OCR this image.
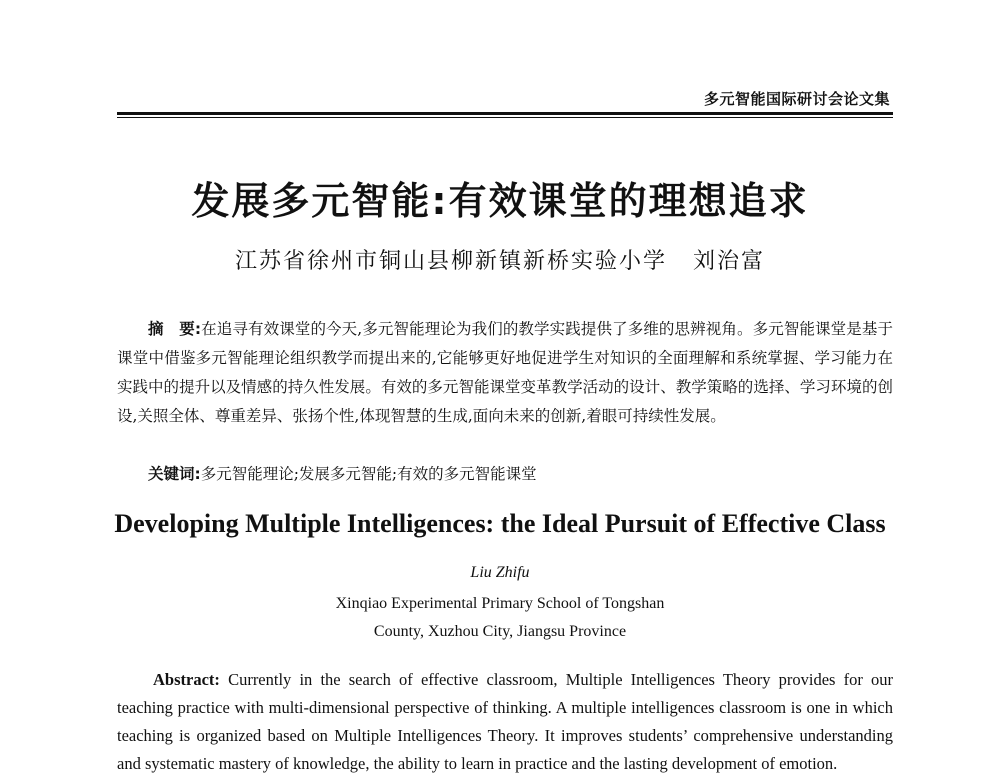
多元智能国际研讨会论文集
发展多元智能:有效课堂的理想追求
江苏省徐州市铜山县柳新镇新桥实验小学 刘治富
摘　要:在追寻有效课堂的今天,多元智能理论为我们的教学实践提供了多维的思辨视角。多元智能课堂是基于课堂中借鉴多元智能理论组织教学而提出来的,它能够更好地促进学生对知识的全面理解和系统掌握、学习能力在实践中的提升以及情感的持久性发展。有效的多元智能课堂变革教学活动的设计、教学策略的选择、学习环境的创设,关照全体、尊重差异、张扬个性,体现智慧的生成,面向未来的创新,着眼可持续性发展。
关键词:多元智能理论;发展多元智能;有效的多元智能课堂
Developing Multiple Intelligences: the Ideal Pursuit of Effective Class
Liu Zhifu
Xinqiao Experimental Primary School of Tongshan
County, Xuzhou City, Jiangsu Province
Abstract: Currently in the search of effective classroom, Multiple Intelligences Theory provides for our teaching practice with multi-dimensional perspective of thinking. A multiple intelligences classroom is one in which teaching is organized based on Multiple Intelligences Theory. It improves students’ comprehensive understanding and systematic mastery of knowledge, the ability to learn in practice and the lasting development of emotion.
